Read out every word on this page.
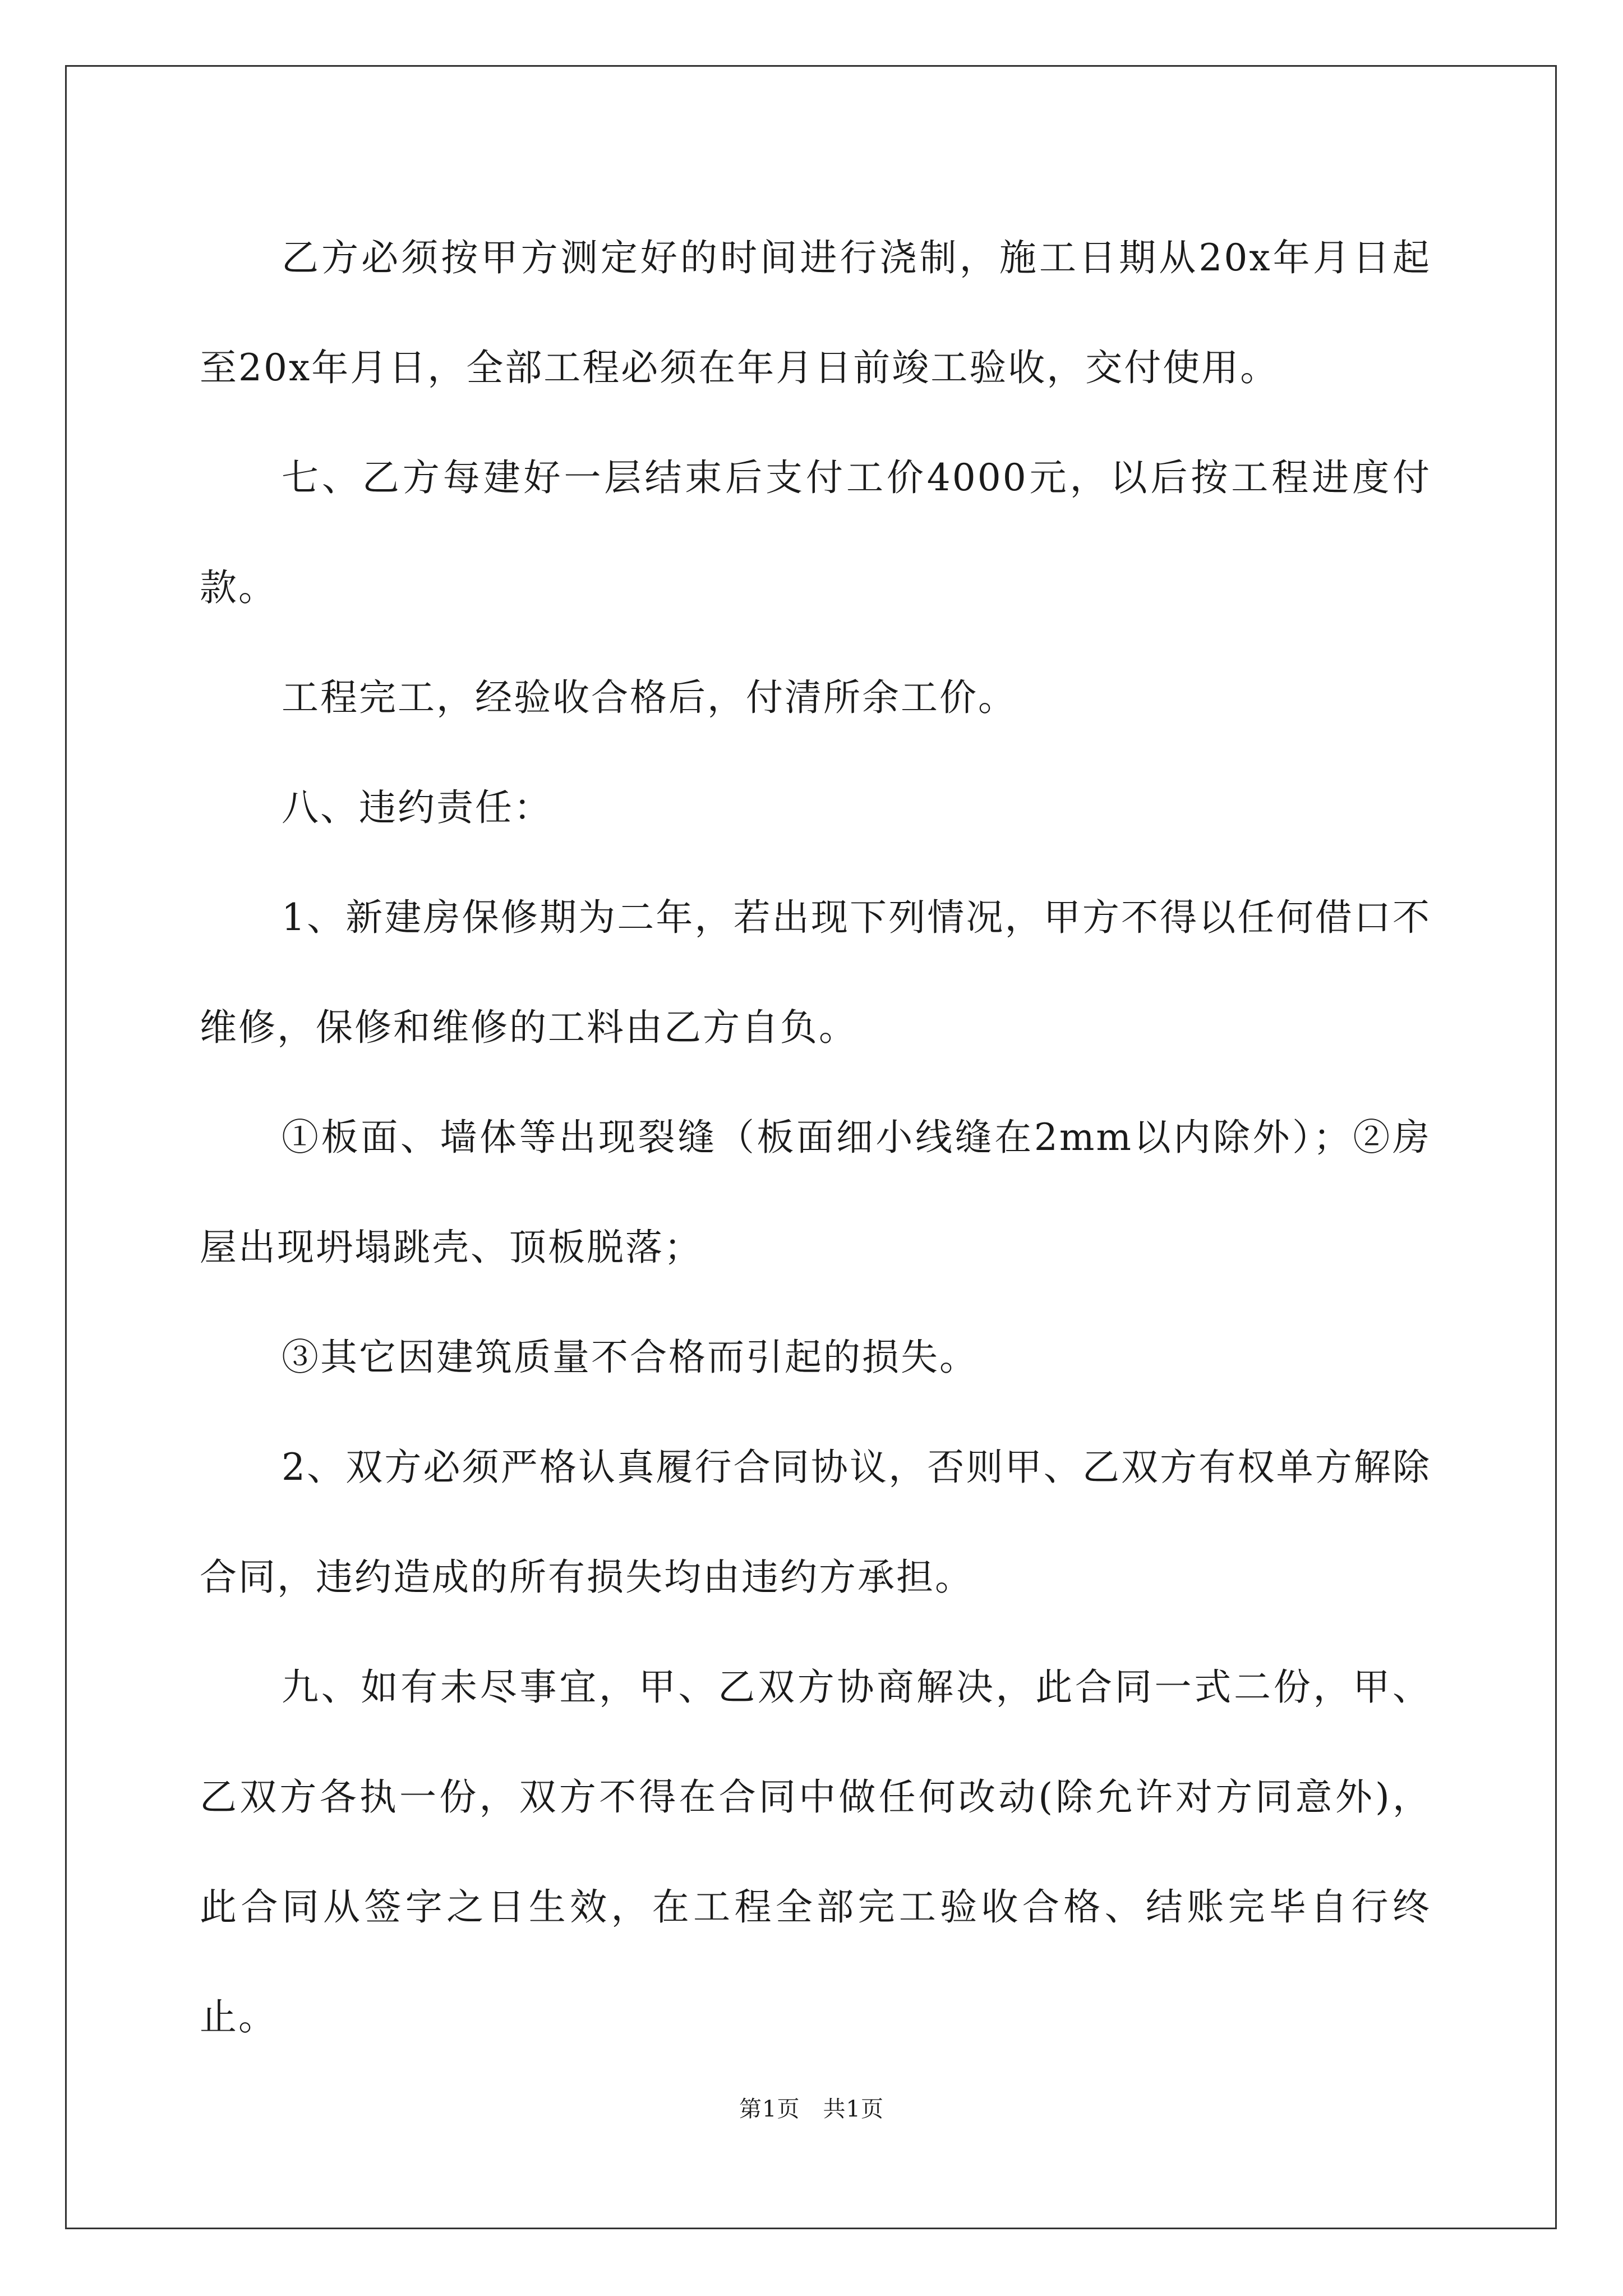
乙方必须按甲方测定好的时间进行浇制，施工日期从20x年月日起至20x年月日，全部工程必须在年月日前竣工验收，交付使用。

七、乙方每建好一层结束后支付工价4000元，以后按工程进度付款。

工程完工，经验收合格后，付清所余工价。

八、违约责任：

1、新建房保修期为二年，若出现下列情况，甲方不得以任何借口不维修，保修和维修的工料由乙方自负。

①板面、墙体等出现裂缝（板面细小线缝在2mm以内除外）；②房屋出现坍塌跳壳、顶板脱落；

③其它因建筑质量不合格而引起的损失。

2、双方必须严格认真履行合同协议，否则甲、乙双方有权单方解除合同，违约造成的所有损失均由违约方承担。

九、如有未尽事宜，甲、乙双方协商解决，此合同一式二份，甲、乙双方各执一份，双方不得在合同中做任何改动(除允许对方同意外)，此合同从签字之日生效，在工程全部完工验收合格、结账完毕自行终止。

第1页　共1页
